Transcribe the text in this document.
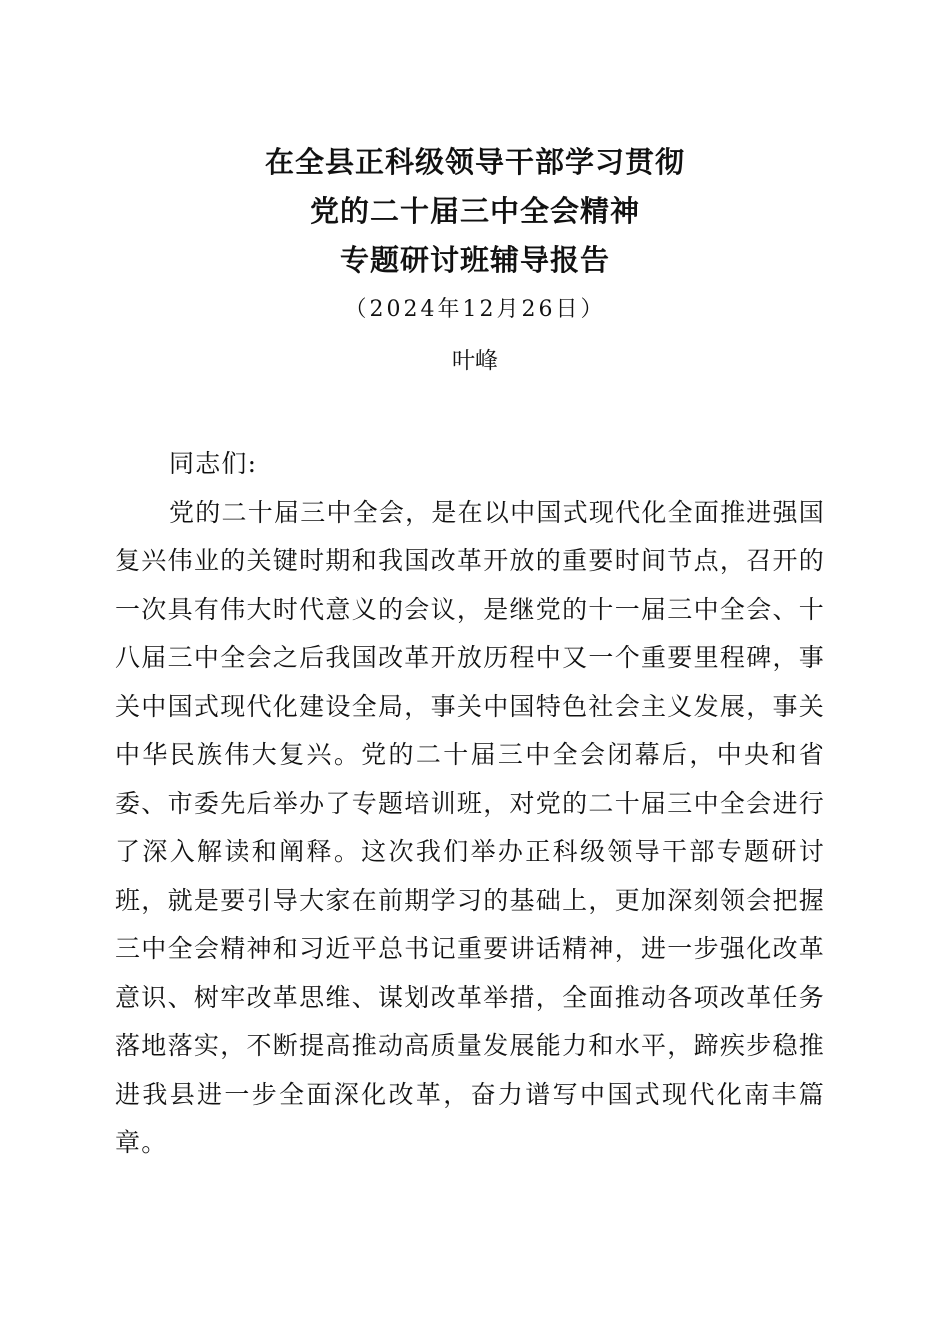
在全县正科级领导干部学习贯彻
党的二十届三中全会精神
专题研讨班辅导报告
（2024年12月26日）
叶峰
同志们:
党的二十届三中全会，是在以中国式现代化全面推进强国
复兴伟业的关键时期和我国改革开放的重要时间节点，召开的
一次具有伟大时代意义的会议，是继党的十一届三中全会、十
八届三中全会之后我国改革开放历程中又一个重要里程碑，事
关中国式现代化建设全局，事关中国特色社会主义发展，事关
中华民族伟大复兴。党的二十届三中全会闭幕后，中央和省
委、市委先后举办了专题培训班，对党的二十届三中全会进行
了深入解读和阐释。这次我们举办正科级领导干部专题研讨
班，就是要引导大家在前期学习的基础上，更加深刻领会把握
三中全会精神和习近平总书记重要讲话精神，进一步强化改革
意识、树牢改革思维、谋划改革举措，全面推动各项改革任务
落地落实，不断提高推动高质量发展能力和水平，蹄疾步稳推
进我县进一步全面深化改革，奋力谱写中国式现代化南丰篇
章。
